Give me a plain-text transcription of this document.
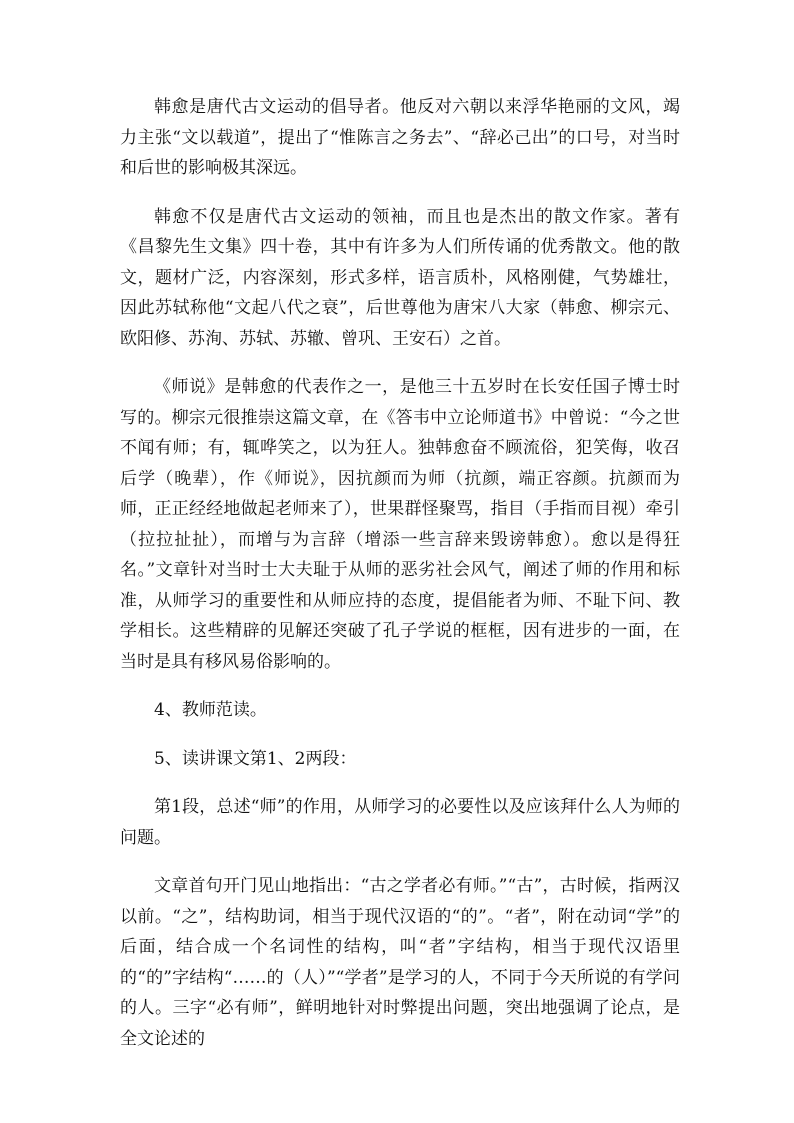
韩愈是唐代古文运动的倡导者。他反对六朝以来浮华艳丽的文风，竭力主张“文以载道”，提出了“惟陈言之务去”、“辞必己出”的口号，对当时和后世的影响极其深远。

韩愈不仅是唐代古文运动的领袖，而且也是杰出的散文作家。著有《昌黎先生文集》四十卷，其中有许多为人们所传诵的优秀散文。他的散文，题材广泛，内容深刻，形式多样，语言质朴，风格刚健，气势雄壮，因此苏轼称他“文起八代之衰”，后世尊他为唐宋八大家（韩愈、柳宗元、欧阳修、苏洵、苏轼、苏辙、曾巩、王安石）之首。

《师说》是韩愈的代表作之一，是他三十五岁时在长安任国子博士时写的。柳宗元很推崇这篇文章，在《答韦中立论师道书》中曾说：“今之世不闻有师；有，辄哗笑之，以为狂人。独韩愈奋不顾流俗，犯笑侮，收召后学（晚辈），作《师说》，因抗颜而为师（抗颜，端正容颜。抗颜而为师，正正经经地做起老师来了），世果群怪聚骂，指目（手指而目视）牵引（拉拉扯扯），而增与为言辞（增添一些言辞来毁谤韩愈）。愈以是得狂名。”文章针对当时士大夫耻于从师的恶劣社会风气，阐述了师的作用和标准，从师学习的重要性和从师应持的态度，提倡能者为师、不耻下问、教学相长。这些精辟的见解还突破了孔子学说的框框，因有进步的一面，在当时是具有移风易俗影响的。

4、教师范读。

5、读讲课文第1、2两段：

第1段，总述“师”的作用，从师学习的必要性以及应该拜什么人为师的问题。

文章首句开门见山地指出：“古之学者必有师。”“古”，古时候，指两汉以前。“之”，结构助词，相当于现代汉语的“的”。“者”，附在动词“学”的后面，结合成一个名词性的结构，叫“者”字结构，相当于现代汉语里的“的”字结构“……的（人）”“学者”是学习的人，不同于今天所说的有学问的人。三字“必有师”，鲜明地针对时弊提出问题，突出地强调了论点，是全文论述的
